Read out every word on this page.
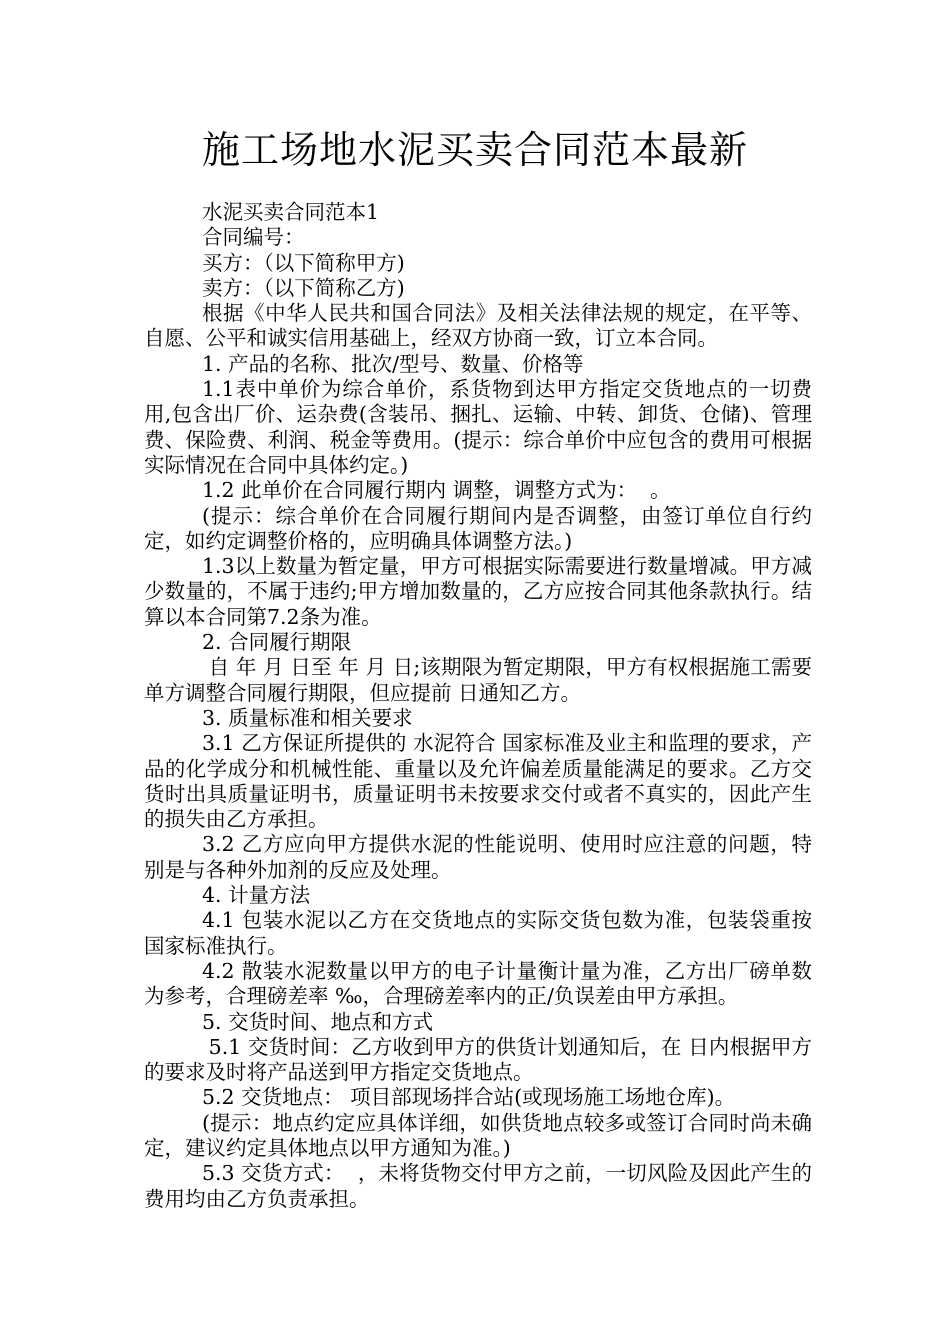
施工场地水泥买卖合同范本最新

水泥买卖合同范本1

合同编号：

买方：（以下简称甲方)

卖方：（以下简称乙方)

根据《中华人民共和国合同法》及相关法律法规的规定，在平等、自愿、公平和诚实信用基础上，经双方协商一致，订立本合同。

1. 产品的名称、批次/型号、数量、价格等

1.1表中单价为综合单价，系货物到达甲方指定交货地点的一切费用,包含出厂价、运杂费(含装吊、捆扎、运输、中转、卸货、仓储)、管理费、保险费、利润、税金等费用。(提示：综合单价中应包含的费用可根据实际情况在合同中具体约定。)

1.2 此单价在合同履行期内 调整，调整方式为：  。

(提示：综合单价在合同履行期间内是否调整，由签订单位自行约定，如约定调整价格的，应明确具体调整方法。)

1.3以上数量为暂定量，甲方可根据实际需要进行数量增减。甲方减少数量的，不属于违约;甲方增加数量的，乙方应按合同其他条款执行。结算以本合同第7.2条为准。

2. 合同履行期限

自 年 月 日至 年 月 日;该期限为暂定期限，甲方有权根据施工需要单方调整合同履行期限，但应提前 日通知乙方。

3. 质量标准和相关要求

3.1 乙方保证所提供的 水泥符合 国家标准及业主和监理的要求，产品的化学成分和机械性能、重量以及允许偏差质量能满足的要求。乙方交货时出具质量证明书，质量证明书未按要求交付或者不真实的，因此产生的损失由乙方承担。

3.2 乙方应向甲方提供水泥的性能说明、使用时应注意的问题，特别是与各种外加剂的反应及处理。

4. 计量方法

4.1 包装水泥以乙方在交货地点的实际交货包数为准，包装袋重按国家标准执行。

4.2 散装水泥数量以甲方的电子计量衡计量为准，乙方出厂磅单数为参考，合理磅差率 ‰，合理磅差率内的正/负误差由甲方承担。

5. 交货时间、地点和方式

5.1 交货时间：乙方收到甲方的供货计划通知后，在 日内根据甲方的要求及时将产品送到甲方指定交货地点。

5.2 交货地点： 项目部现场拌合站(或现场施工场地仓库)。

(提示：地点约定应具体详细，如供货地点较多或签订合同时尚未确定，建议约定具体地点以甲方通知为准。)

5.3 交货方式：  ，未将货物交付甲方之前，一切风险及因此产生的费用均由乙方负责承担。
